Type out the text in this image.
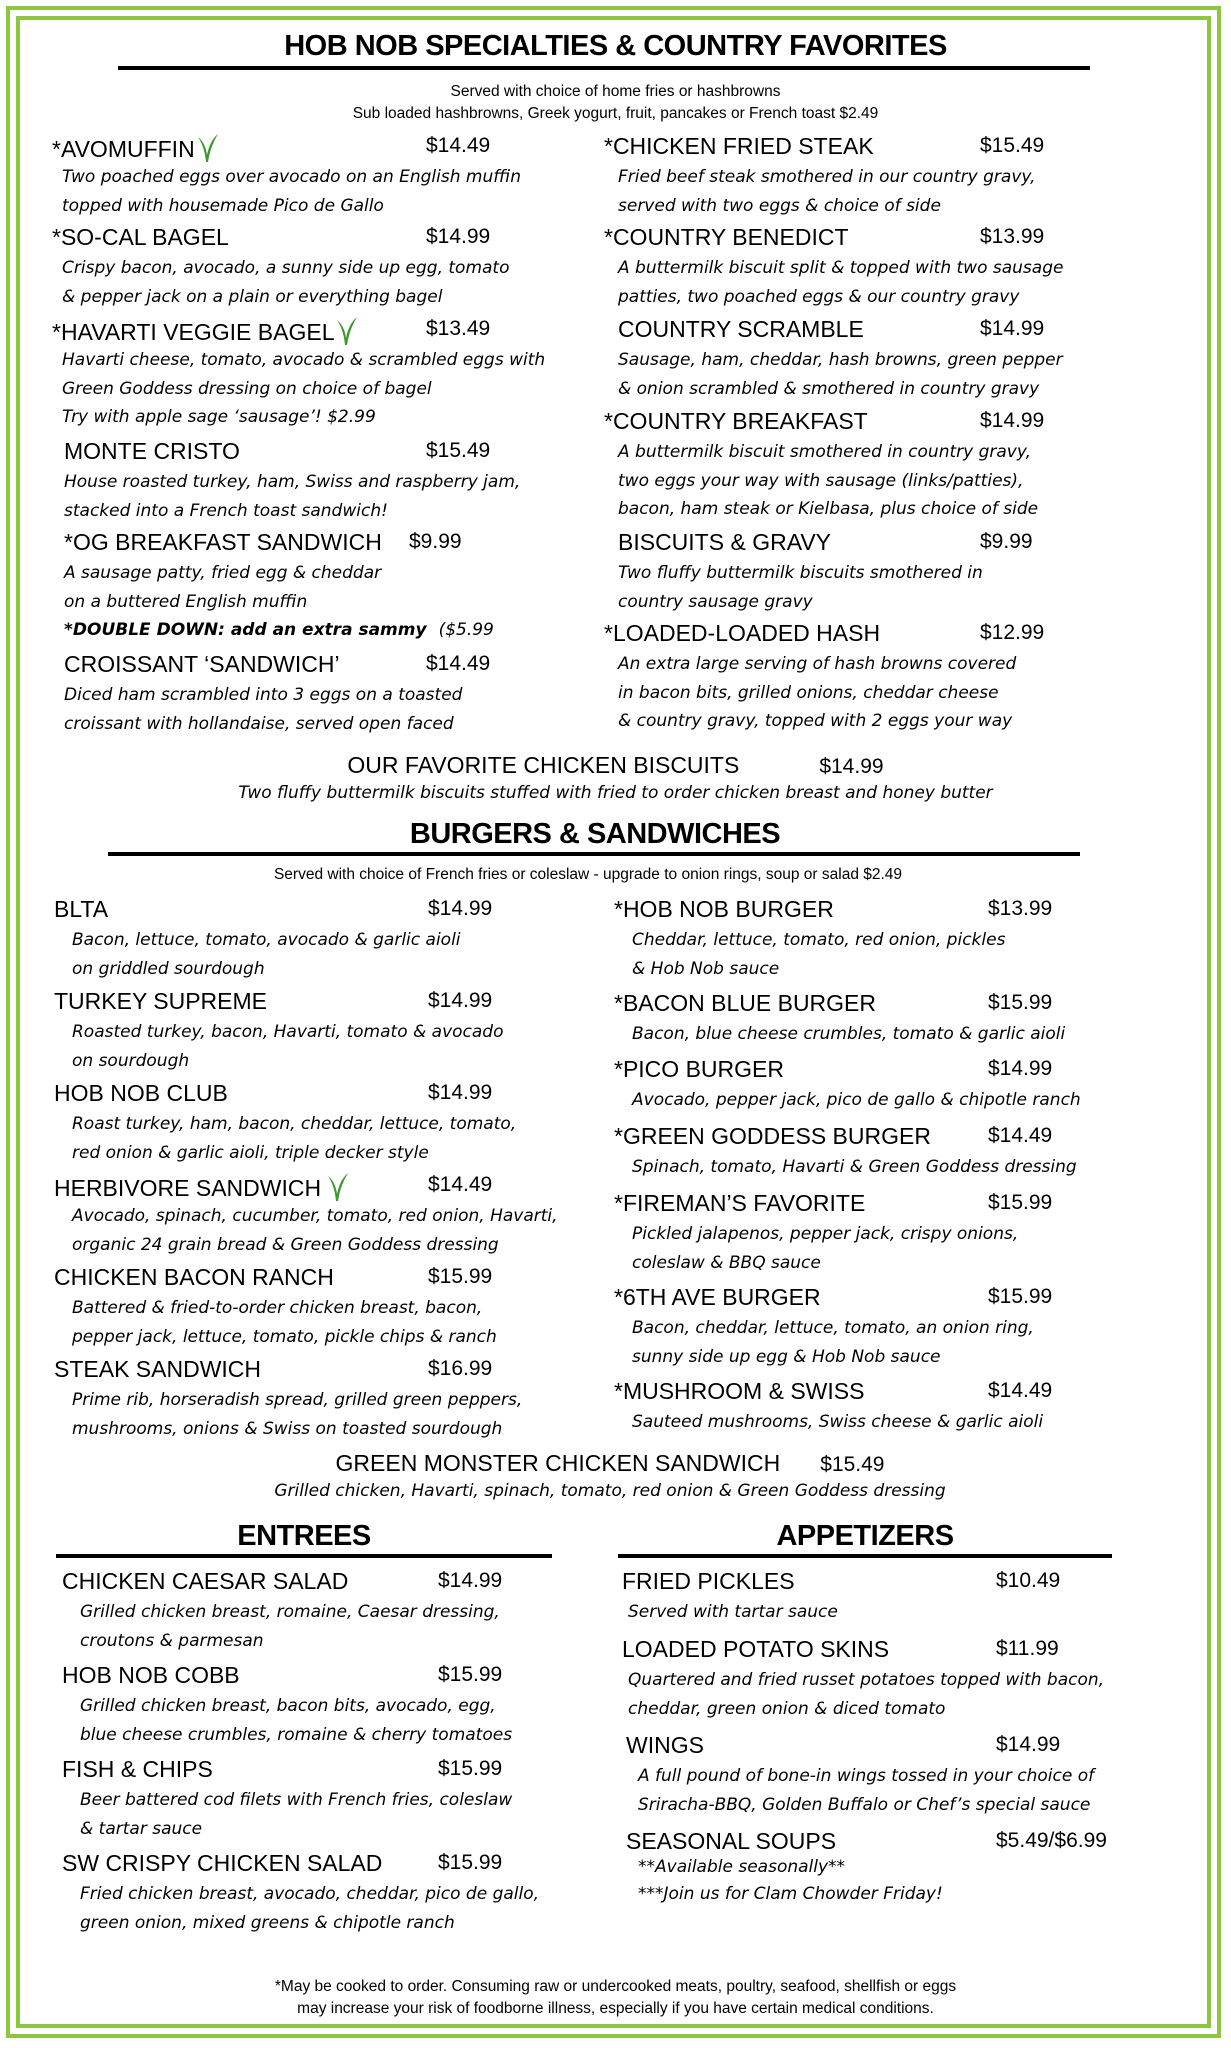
HOB NOB SPECIALTIES & COUNTRY FAVORITES
Served with choice of home fries or hashbrowns
Sub loaded hashbrowns, Greek yogurt, fruit, pancakes or French toast $2.49
*AVOMUFFIN	$14.49
Two poached eggs over avocado on an English muffin
topped with housemade Pico de Gallo
*SO-CAL BAGEL	$14.99
Crispy bacon, avocado, a sunny side up egg, tomato
& pepper jack on a plain or everything bagel
*HAVARTI VEGGIE BAGEL	$13.49
Havarti cheese, tomato, avocado & scrambled eggs with
Green Goddess dressing on choice of bagel
Try with apple sage ‘sausage’! $2.99
MONTE CRISTO	$15.49
House roasted turkey, ham, Swiss and raspberry jam,
stacked into a French toast sandwich!
*OG BREAKFAST SANDWICH $9.99
A sausage patty, fried egg & cheddar
on a buttered English muffin
*DOUBLE DOWN: add an extra sammy ($5.99
CROISSANT ‘SANDWICH’	$14.49
Diced ham scrambled into 3 eggs on a toasted
croissant with hollandaise, served open faced
*CHICKEN FRIED STEAK	$15.49
Fried beef steak smothered in our country gravy,
served with two eggs & choice of side
*COUNTRY BENEDICT	$13.99
A buttermilk biscuit split & topped with two sausage
patties, two poached eggs & our country gravy
COUNTRY SCRAMBLE	$14.99
Sausage, ham, cheddar, hash browns, green pepper
& onion scrambled & smothered in country gravy
*COUNTRY BREAKFAST	$14.99
A buttermilk biscuit smothered in country gravy,
two eggs your way with sausage (links/patties),
bacon, ham steak or Kielbasa, plus choice of side
BISCUITS & GRAVY	$9.99
Two fluffy buttermilk biscuits smothered in
country sausage gravy
*LOADED-LOADED HASH	$12.99
An extra large serving of hash browns covered
in bacon bits, grilled onions, cheddar cheese
& country gravy, topped with 2 eggs your way
OUR FAVORITE CHICKEN BISCUITS	$14.99
Two fluffy buttermilk biscuits stuffed with fried to order chicken breast and honey butter
BURGERS & SANDWICHES
Served with choice of French fries or coleslaw - upgrade to onion rings, soup or salad $2.49
BLTA	$14.99
Bacon, lettuce, tomato, avocado & garlic aioli
on griddled sourdough
TURKEY SUPREME	$14.99
Roasted turkey, bacon, Havarti, tomato & avocado
on sourdough
HOB NOB CLUB	$14.99
Roast turkey, ham, bacon, cheddar, lettuce, tomato,
red onion & garlic aioli, triple decker style
HERBIVORE SANDWICH	$14.49
Avocado, spinach, cucumber, tomato, red onion, Havarti,
organic 24 grain bread & Green Goddess dressing
CHICKEN BACON RANCH	$15.99
Battered & fried-to-order chicken breast, bacon,
pepper jack, lettuce, tomato, pickle chips & ranch
STEAK SANDWICH	$16.99
Prime rib, horseradish spread, grilled green peppers,
mushrooms, onions & Swiss on toasted sourdough
*HOB NOB BURGER	$13.99
Cheddar, lettuce, tomato, red onion, pickles
& Hob Nob sauce
*BACON BLUE BURGER	$15.99
Bacon, blue cheese crumbles, tomato & garlic aioli
*PICO BURGER	$14.99
Avocado, pepper jack, pico de gallo & chipotle ranch
*GREEN GODDESS BURGER	$14.49
Spinach, tomato, Havarti & Green Goddess dressing
*FIREMAN’S FAVORITE	$15.99
Pickled jalapenos, pepper jack, crispy onions,
coleslaw & BBQ sauce
*6TH AVE BURGER	$15.99
Bacon, cheddar, lettuce, tomato, an onion ring,
sunny side up egg & Hob Nob sauce
*MUSHROOM & SWISS	$14.49
Sauteed mushrooms, Swiss cheese & garlic aioli
GREEN MONSTER CHICKEN SANDWICH $15.49
Grilled chicken, Havarti, spinach, tomato, red onion & Green Goddess dressing
ENTREES
CHICKEN CAESAR SALAD	$14.99
Grilled chicken breast, romaine, Caesar dressing,
croutons & parmesan
HOB NOB COBB	$15.99
Grilled chicken breast, bacon bits, avocado, egg,
blue cheese crumbles, romaine & cherry tomatoes
FISH & CHIPS	$15.99
Beer battered cod filets with French fries, coleslaw
& tartar sauce
SW CRISPY CHICKEN SALAD	$15.99
Fried chicken breast, avocado, cheddar, pico de gallo,
green onion, mixed greens & chipotle ranch
APPETIZERS
FRIED PICKLES	$10.49
Served with tartar sauce
LOADED POTATO SKINS	$11.99
Quartered and fried russet potatoes topped with bacon,
cheddar, green onion & diced tomato
WINGS	$14.99
A full pound of bone-in wings tossed in your choice of
Sriracha-BBQ, Golden Buffalo or Chef’s special sauce
SEASONAL SOUPS	$5.49/$6.99
**Available seasonally**
***Join us for Clam Chowder Friday!
*May be cooked to order. Consuming raw or undercooked meats, poultry, seafood, shellfish or eggs
may increase your risk of foodborne illness, especially if you have certain medical conditions.
